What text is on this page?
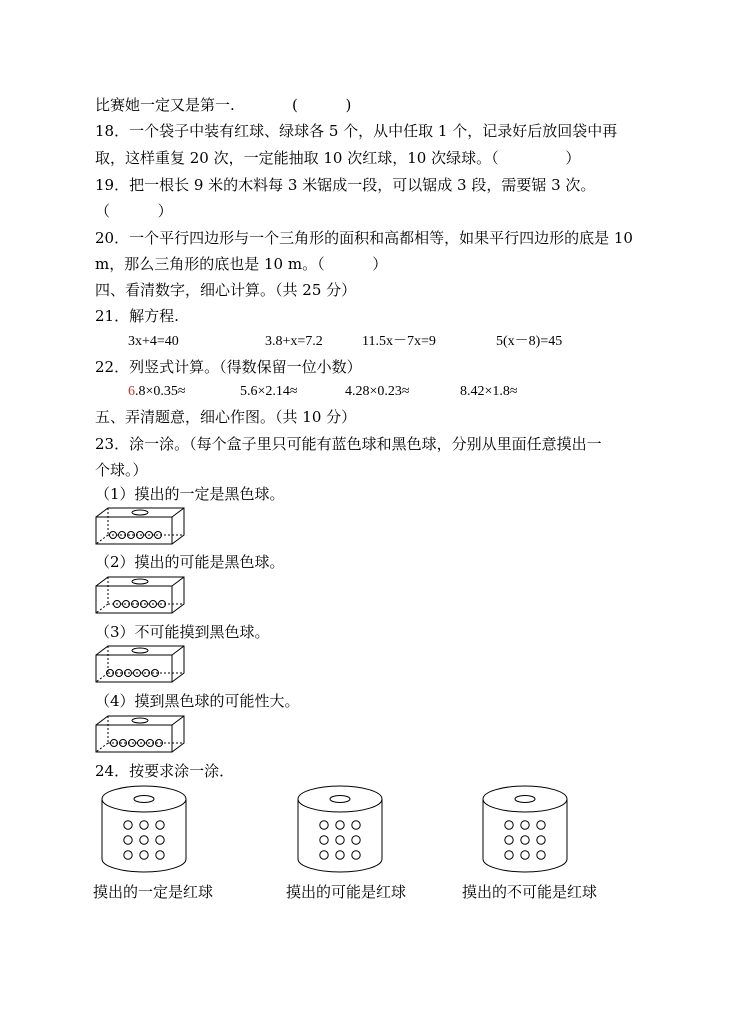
比赛她一定又是第一.            (          )
18．一个袋子中装有红球、绿球各 5 个，从中任取 1 个，记录好后放回袋中再
取，这样重复 20 次，一定能抽取 10 次红球，10 次绿球。（              ）
19．把一根长 9 米的木料每 3 米锯成一段，可以锯成 3 段，需要锯 3 次。
（          ）
20．一个平行四边形与一个三角形的面积和高都相等，如果平行四边形的底是 10
m，那么三角形的底也是 10 m。（          ）
四、看清数字，细心计算。（共 25 分）
21．解方程.
3x+4=40	3.8+x=7.2	11.5x－7x=9	5(x－8)=45
22．列竖式计算。（得数保留一位小数）
6.8×0.35≈	5.6×2.14≈	4.28×0.23≈	8.42×1.8≈
五、弄清题意，细心作图。（共 10 分）
23．涂一涂。（每个盒子里只可能有蓝色球和黑色球，分别从里面任意摸出一
个球。）
（1）摸出的一定是黑色球。
（2）摸出的可能是黑色球。
（3）不可能摸到黑色球。
（4）摸到黑色球的可能性大。
24．按要求涂一涂．
摸出的一定是红球	摸出的可能是红球	摸出的不可能是红球
